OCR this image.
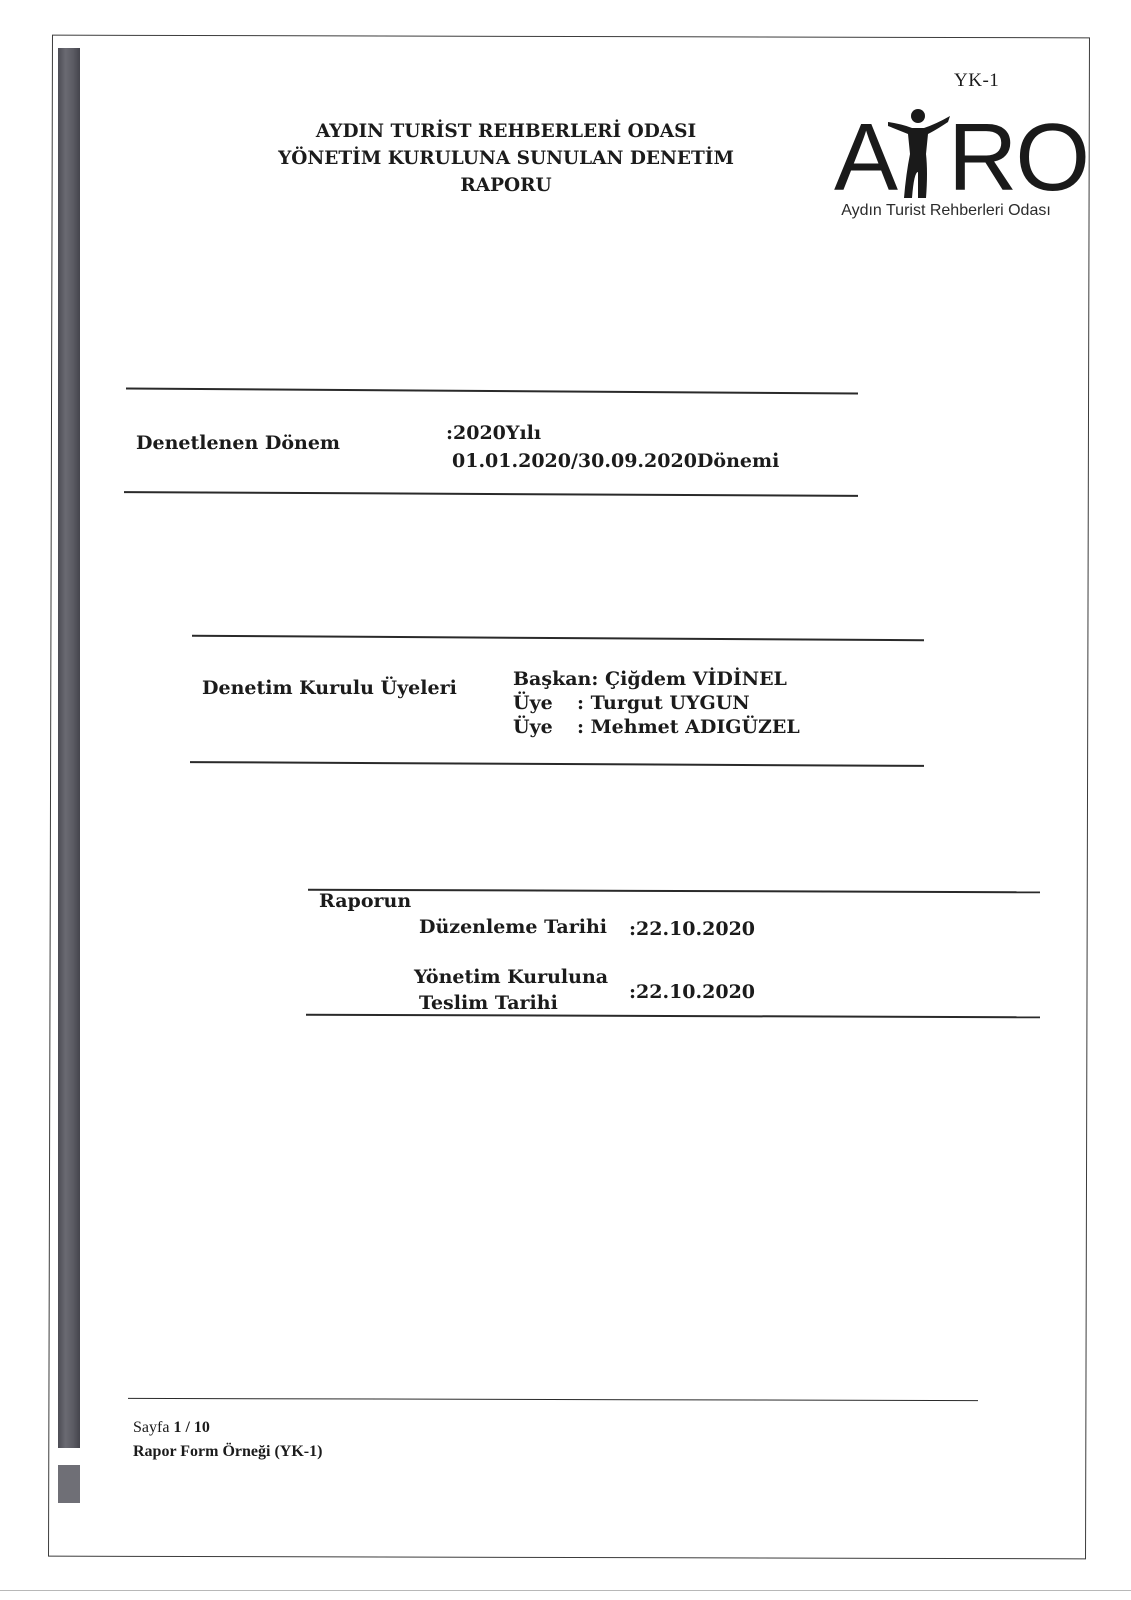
YK-1
AYDIN TURİST REHBERLERİ ODASI
YÖNETİM KURULUNA SUNULAN DENETİM RAPORU	A RO
Aydın Turist Rehberleri Odası
Denetlenen Dönem	:2020Yılı
01.01.2020/30.09.2020Dönemi
Denetim Kurulu Üyeleri	Başkan: Çiğdem VİDİNEL
Üye : Turgut UYGUN
Üye : Mehmet ADIGÜZEL
Raporun
Düzenleme Tarihi :22.10.2020
Yönetim Kuruluna
Teslim Tarihi	:22.10.2020
Sayfa 1 / 10
Rapor Form Örneği (YK-1)
